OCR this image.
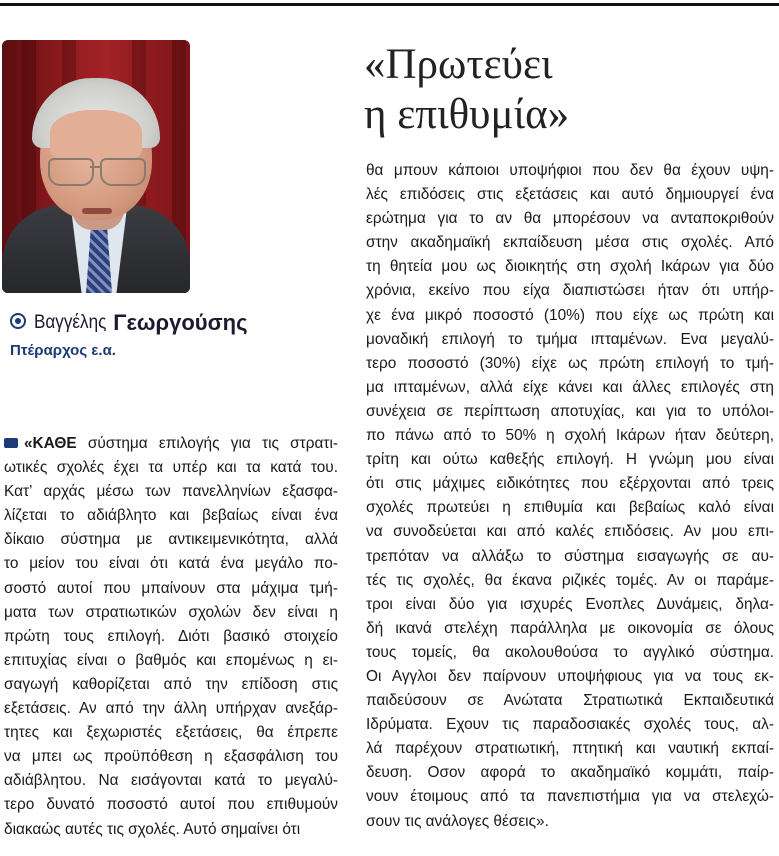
Βαγγέλης Γεωργούσης
Πτέραρχος ε.α.
«Πρωτεύει
η επιθυμία»
«ΚΑΘΕ σύστημα επιλογής για τις στρατι-
ωτικές σχολές έχει τα υπέρ και τα κατά του.
Κατ’ αρχάς μέσω των πανελληνίων εξασφα-
λίζεται το αδιάβλητο και βεβαίως είναι ένα
δίκαιο σύστημα με αντικειμενικότητα, αλλά
το μείον του είναι ότι κατά ένα μεγάλο πο-
σοστό αυτοί που μπαίνουν στα μάχιμα τμή-
ματα των στρατιωτικών σχολών δεν είναι η
πρώτη τους επιλογή. Διότι βασικό στοιχείο
επιτυχίας είναι ο βαθμός και επομένως η ει-
σαγωγή καθορίζεται από την επίδοση στις
εξετάσεις. Αν από την άλλη υπήρχαν ανεξάρ-
τητες και ξεχωριστές εξετάσεις, θα έπρεπε
να μπει ως προϋπόθεση η εξασφάλιση του
αδιάβλητου. Να εισάγονται κατά το μεγαλύ-
τερο δυνατό ποσοστό αυτοί που επιθυμούν
διακαώς αυτές τις σχολές. Αυτό σημαίνει ότι
θα μπουν κάποιοι υποψήφιοι που δεν θα έχουν υψη-
λές επιδόσεις στις εξετάσεις και αυτό δημιουργεί ένα
ερώτημα για το αν θα μπορέσουν να ανταποκριθούν
στην ακαδημαϊκή εκπαίδευση μέσα στις σχολές. Από
τη θητεία μου ως διοικητής στη σχολή Ικάρων για δύο
χρόνια, εκείνο που είχα διαπιστώσει ήταν ότι υπήρ-
χε ένα μικρό ποσοστό (10%) που είχε ως πρώτη και
μοναδική επιλογή το τμήμα ιπταμένων. Ενα μεγαλύ-
τερο ποσοστό (30%) είχε ως πρώτη επιλογή το τμή-
μα ιπταμένων, αλλά είχε κάνει και άλλες επιλογές στη
συνέχεια σε περίπτωση αποτυχίας, και για το υπόλοι-
πο πάνω από το 50% η σχολή Ικάρων ήταν δεύτερη,
τρίτη και ούτω καθεξής επιλογή. Η γνώμη μου είναι
ότι στις μάχιμες ειδικότητες που εξέρχονται από τρεις
σχολές πρωτεύει η επιθυμία και βεβαίως καλό είναι
να συνοδεύεται και από καλές επιδόσεις. Αν μου επι-
τρεπόταν να αλλάξω το σύστημα εισαγωγής σε αυ-
τές τις σχολές, θα έκανα ριζικές τομές. Αν οι παράμε-
τροι είναι δύο για ισχυρές Ενοπλες Δυνάμεις, δηλα-
δή ικανά στελέχη παράλληλα με οικονομία σε όλους
τους τομείς, θα ακολουθούσα το αγγλικό σύστημα.
Οι Αγγλοι δεν παίρνουν υποψήφιους για να τους εκ-
παιδεύσουν σε Ανώτατα Στρατιωτικά Εκπαιδευτικά
Ιδρύματα. Εχουν τις παραδοσιακές σχολές τους, αλ-
λά παρέχουν στρατιωτική, πτητική και ναυτική εκπαί-
δευση. Οσον αφορά το ακαδημαϊκό κομμάτι, παίρ-
νουν έτοιμους από τα πανεπιστήμια για να στελεχώ-
σουν τις ανάλογες θέσεις».
